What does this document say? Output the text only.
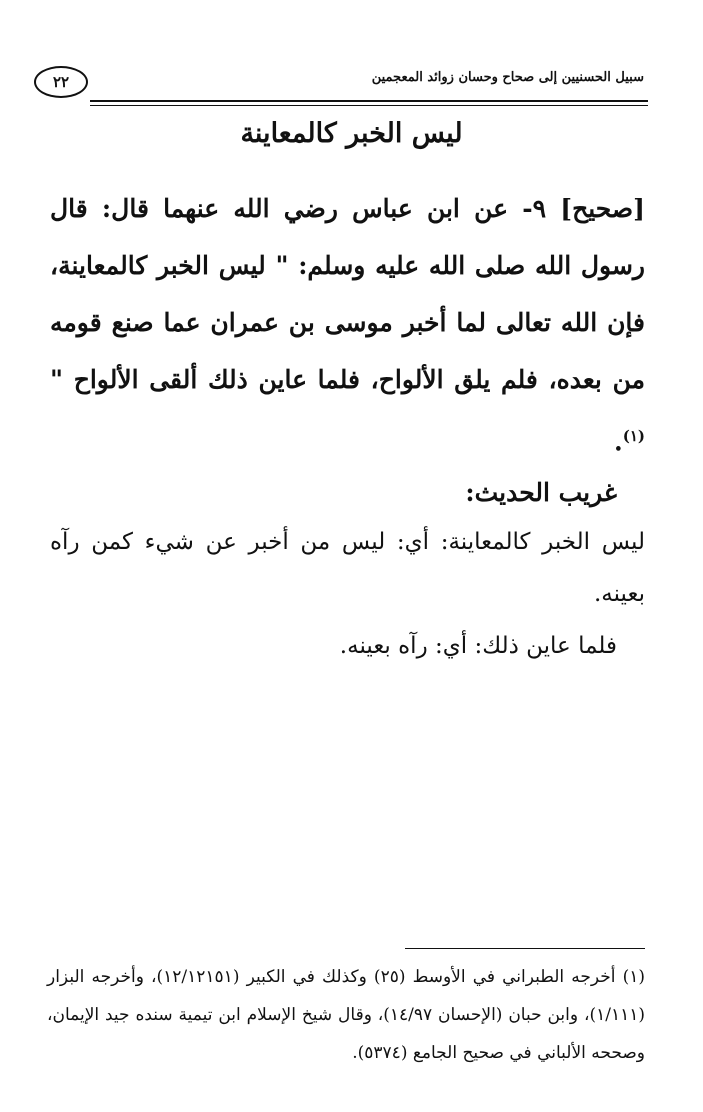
٢٢	سبيل الحسنيين إلى صحاح وحسان زوائد المعجمين
ليس الخبر كالمعاينة

[صحيح] ٩- عن ابن عباس رضي الله عنهما قال: قال رسول الله صلى الله عليه وسلم: " ليس الخبر كالمعاينة، فإن الله تعالى لما أخبر موسى بن عمران عما صنع قومه من بعده، فلم يلق الألواح، فلما عاين ذلك ألقى الألواح "$^{(١)}$.

غريب الحديث:

ليس الخبر كالمعاينة: أي: ليس من أخبر عن شيء كمن رآه بعينه.

فلما عاين ذلك: أي: رآه بعينه.

(١) أخرجه الطبراني في الأوسط (٢٥) وكذلك في الكبير (١٢/١٢١٥١)، وأخرجه البزار (١/١١١)، وابن حبان (الإحسان ١٤/٩٧)، وقال شيخ الإسلام ابن تيمية سنده جيد الإيمان، وصححه الألباني في صحيح الجامع (٥٣٧٤).
